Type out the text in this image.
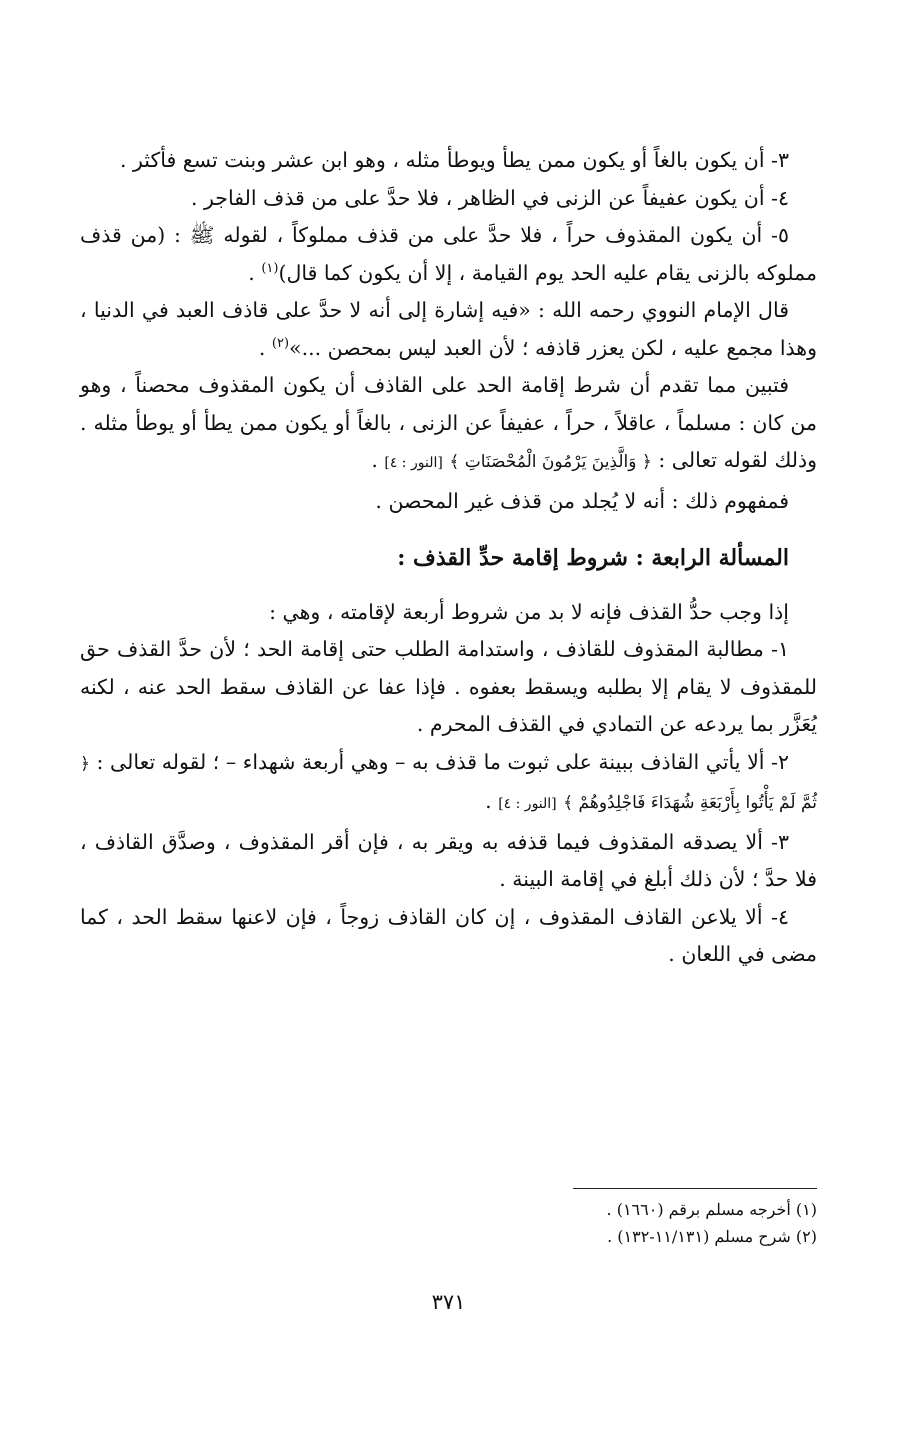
٣- أن يكون بالغاً أو يكون ممن يطأ ويوطأ مثله ، وهو ابن عشر وبنت تسع فأكثر .

٤- أن يكون عفيفاً عن الزنى في الظاهر ، فلا حدَّ على من قذف الفاجر .

٥- أن يكون المقذوف حراً ، فلا حدَّ على من قذف مملوكاً ، لقوله ﷺ : (من قذف مملوكه بالزنى يقام عليه الحد يوم القيامة ، إلا أن يكون كما قال)$^{(١)}$ .

قال الإمام النووي رحمه الله : «فيه إشارة إلى أنه لا حدَّ على قاذف العبد في الدنيا ، وهذا مجمع عليه ، لكن يعزر قاذفه ؛ لأن العبد ليس بمحصن ...»$^{(٢)}$ .

فتبين مما تقدم أن شرط إقامة الحد على القاذف أن يكون المقذوف محصناً ، وهو من كان : مسلماً ، عاقلاً ، حراً ، عفيفاً عن الزنى ، بالغاً أو يكون ممن يطأ أو يوطأ مثله . وذلك لقوله تعالى : ﴿ وَالَّذِينَ يَرْمُونَ الْمُحْصَنَاتِ ﴾ [النور : ٤] .

فمفهوم ذلك : أنه لا يُجلد من قذف غير المحصن .

المسألة الرابعة : شروط إقامة حدِّ القذف :

إذا وجب حدُّ القذف فإنه لا بد من شروط أربعة لإقامته ، وهي :

١- مطالبة المقذوف للقاذف ، واستدامة الطلب حتى إقامة الحد ؛ لأن حدَّ القذف حق للمقذوف لا يقام إلا بطلبه ويسقط بعفوه . فإذا عفا عن القاذف سقط الحد عنه ، لكنه يُعَزَّر بما يردعه عن التمادي في القذف المحرم .

٢- ألا يأتي القاذف ببينة على ثبوت ما قذف به – وهي أربعة شهداء – ؛ لقوله تعالى : ﴿ ثُمَّ لَمْ يَأْتُوا بِأَرْبَعَةِ شُهَدَاءَ فَاجْلِدُوهُمْ ﴾ [النور : ٤] .

٣- ألا يصدقه المقذوف فيما قذفه به ويقر به ، فإن أقر المقذوف ، وصدَّق القاذف ، فلا حدَّ ؛ لأن ذلك أبلغ في إقامة البينة .

٤- ألا يلاعن القاذف المقذوف ، إن كان القاذف زوجاً ، فإن لاعنها سقط الحد ، كما مضى في اللعان .

(١) أخرجه مسلم برقم (١٦٦٠) .

(٢) شرح مسلم (١١/١٣١-١٣٢) .

٣٧١
